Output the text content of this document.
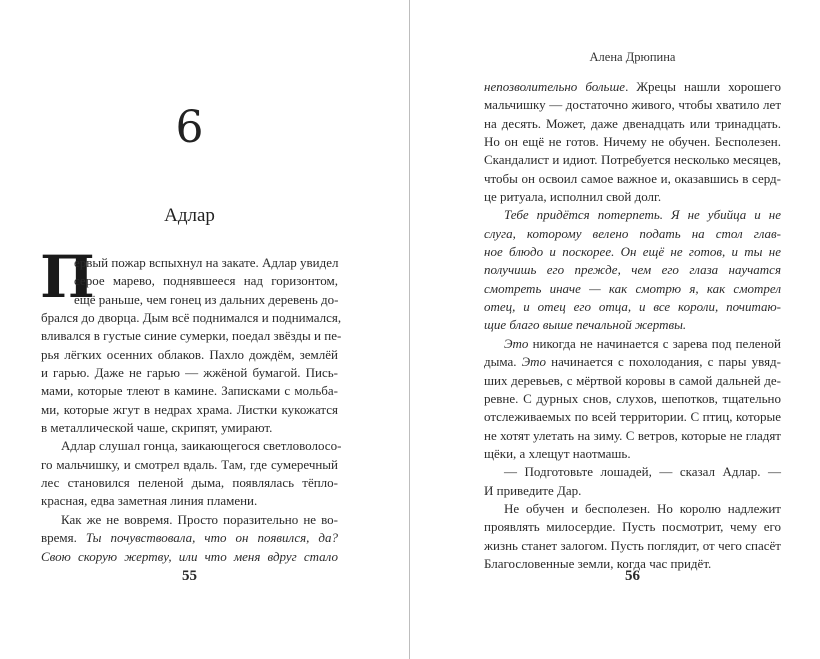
6
Адлар
П
ервый пожар вспыхнул на закате. Адлар увидел
серое марево, поднявшееся над горизонтом,
ещё раньше, чем гонец из дальних деревень до-
брался до дворца. Дым всё поднимался и поднимался,
вливался в густые синие сумерки, поедал звёзды и пе-
рья лёгких осенних облаков. Пахло дождём, землёй
и гарью. Даже не гарью — жжёной бумагой. Пись-
мами, которые тлеют в камине. Записками с мольба-
ми, которые жгут в недрах храма. Листки кукожатся
в металлической чаше, скрипят, умирают.
Адлар слушал гонца, заикающегося светловолосо-
го мальчишку, и смотрел вдаль. Там, где сумеречный
лес становился пеленой дыма, появлялась тёпло-
красная, едва заметная линия пламени.
Как же не вовремя. Просто поразительно не во-
время. Ты почувствовала, что он появился, да?
Свою скорую жертву, или что меня вдруг стало
55
Алена Дрюпина
непозволительно больше. Жрецы нашли хорошего
мальчишку — достаточно живого, чтобы хватило лет
на десять. Может, даже двенадцать или тринадцать.
Но он ещё не готов. Ничему не обучен. Бесполезен.
Скандалист и идиот. Потребуется несколько месяцев,
чтобы он освоил самое важное и, оказавшись в серд-
це ритуала, исполнил свой долг.
Тебе придётся потерпеть. Я не убийца и не
слуга, которому велено подать на стол глав-
ное блюдо и поскорее. Он ещё не готов, и ты не
получишь его прежде, чем его глаза научатся
смотреть иначе — как смотрю я, как смотрел
отец, и отец его отца, и все короли, почитаю-
щие благо выше печальной жертвы.
Это никогда не начинается с зарева под пеленой
дыма. Это начинается с похолодания, с пары увяд-
ших деревьев, с мёртвой коровы в самой дальней де-
ревне. С дурных снов, слухов, шепотков, тщательно
отслеживаемых по всей территории. С птиц, которые
не хотят улетать на зиму. С ветров, которые не гладят
щёки, а хлещут наотмашь.
— Подготовьте лошадей, — сказал Адлар. —
И приведите Дар.
Не обучен и бесполезен. Но королю надлежит
проявлять милосердие. Пусть посмотрит, чему его
жизнь станет залогом. Пусть поглядит, от чего спасёт
Благословенные земли, когда час придёт.
56
